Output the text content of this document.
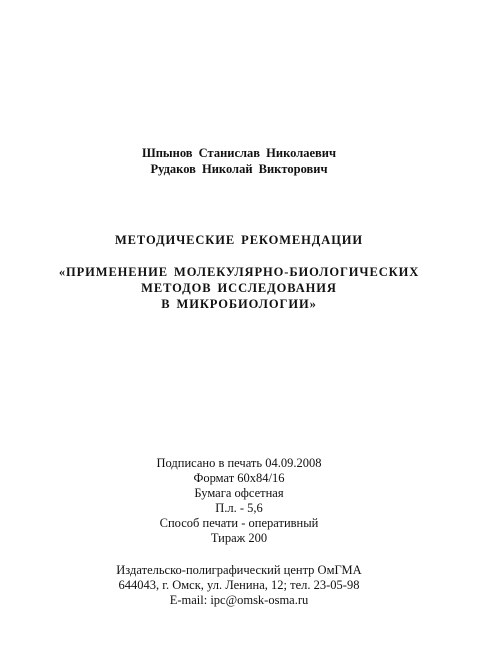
Шпынов Станислав Николаевич
Рудаков Николай Викторович
МЕТОДИЧЕСКИЕ РЕКОМЕНДАЦИИ
«ПРИМЕНЕНИЕ МОЛЕКУЛЯРНО-БИОЛОГИЧЕСКИХ
МЕТОДОВ ИССЛЕДОВАНИЯ
В МИКРОБИОЛОГИИ»
Подписано в печать 04.09.2008
Формат 60х84/16
Бумага офсетная
П.л. - 5,6
Способ печати - оперативный
Тираж 200
Издательско-полиграфический центр ОмГМА
644043, г. Омск, ул. Ленина, 12; тел. 23-05-98
E-mail: ipc@omsk-osma.ru
